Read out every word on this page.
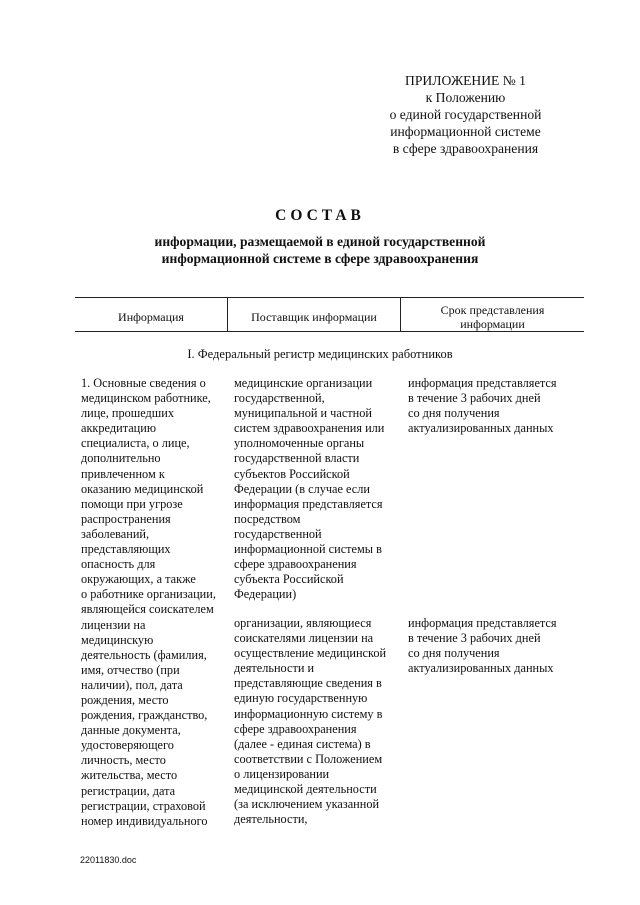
ПРИЛОЖЕНИЕ № 1
к Положению
о единой государственной
информационной системе
в сфере здравоохранения
СОСТАВ
информации, размещаемой в единой государственной
информационной системе в сфере здравоохранения
Информация	Поставщик информации	Срок представления
информации
I. Федеральный регистр медицинских работников
1. Основные сведения о
медицинском работнике,
лице, прошедших
аккредитацию
специалиста, о лице,
дополнительно
привлеченном к
оказанию медицинской
помощи при угрозе
распространения
заболеваний,
представляющих
опасность для
окружающих, а также
о работнике организации,
являющейся соискателем
лицензии на
медицинскую
деятельность (фамилия,
имя, отчество (при
наличии), пол, дата
рождения, место
рождения, гражданство,
данные документа,
удостоверяющего
личность, место
жительства, место
регистрации, дата
регистрации, страховой
номер индивидуального
медицинские организации
государственной,
муниципальной и частной
систем здравоохранения или
уполномоченные органы
государственной власти
субъектов Российской
Федерации (в случае если
информация представляется
посредством
государственной
информационной системы в
сфере здравоохранения
субъекта Российской
Федерации)
информация представляется
в течение 3 рабочих дней
со дня получения
актуализированных данных
организации, являющиеся
соискателями лицензии на
осуществление медицинской
деятельности и
представляющие сведения в
единую государственную
информационную систему в
сфере здравоохранения
(далее - единая система) в
соответствии с Положением
о лицензировании
медицинской деятельности
(за исключением указанной
деятельности,
информация представляется
в течение 3 рабочих дней
со дня получения
актуализированных данных
22011830.doc
